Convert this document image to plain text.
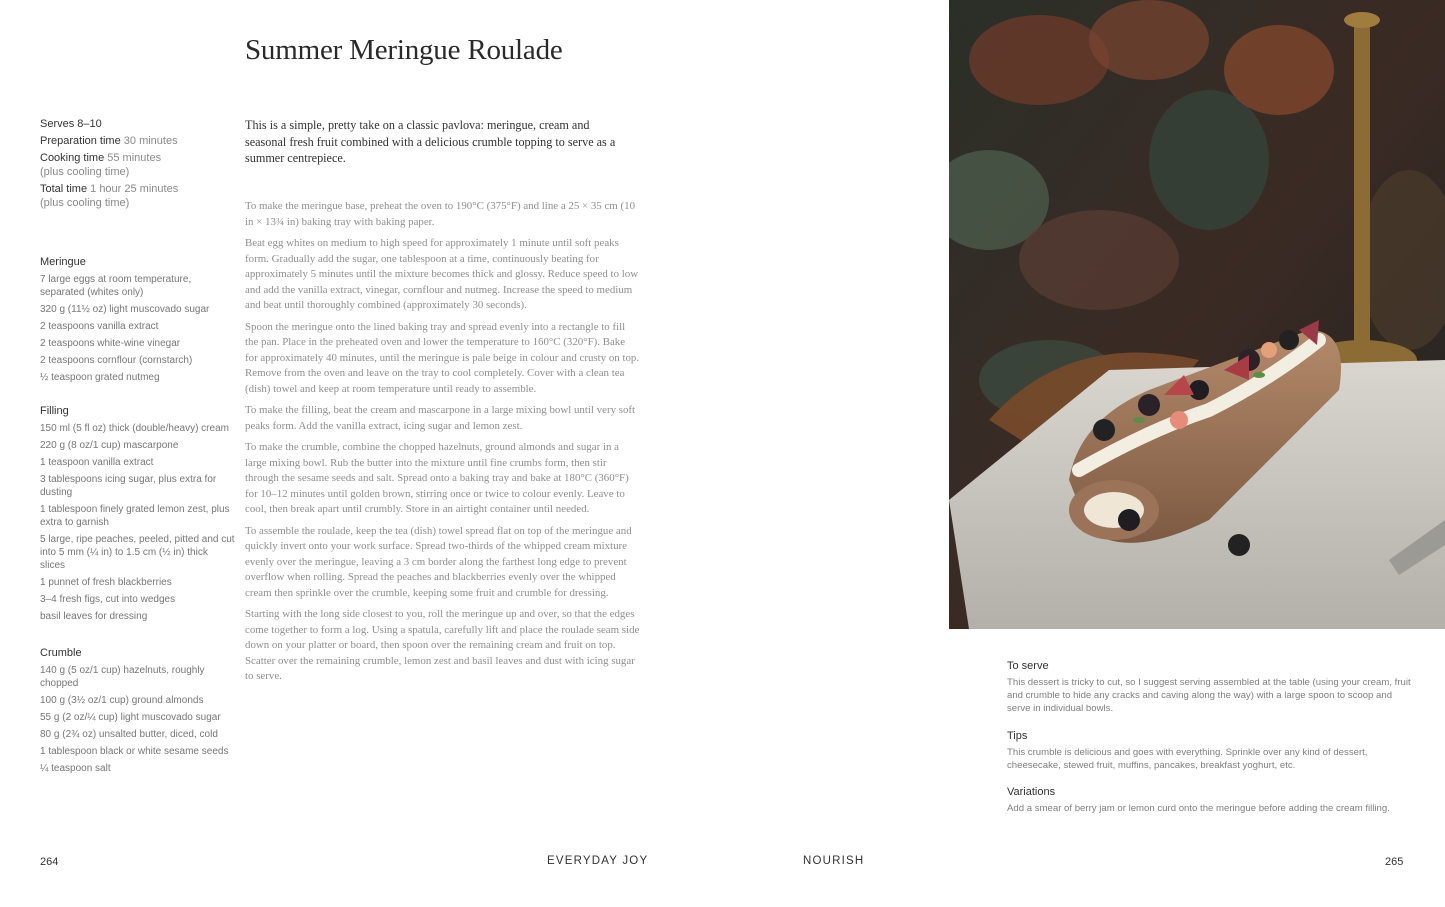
Summer Meringue Roulade
Serves 8–10
Preparation time 30 minutes
Cooking time 55 minutes
(plus cooling time)
Total time 1 hour 25 minutes
(plus cooling time)
Meringue
7 large eggs at room temperature, separated (whites only)
320 g (11½ oz) light muscovado sugar
2 teaspoons vanilla extract
2 teaspoons white-wine vinegar
2 teaspoons cornflour (cornstarch)
½ teaspoon grated nutmeg
Filling
150 ml (5 fl oz) thick (double/heavy) cream
220 g (8 oz/1 cup) mascarpone
1 teaspoon vanilla extract
3 tablespoons icing sugar, plus extra for dusting
1 tablespoon finely grated lemon zest, plus extra to garnish
5 large, ripe peaches, peeled, pitted and cut into 5 mm (¼ in) to 1.5 cm (½ in) thick slices
1 punnet of fresh blackberries
3–4 fresh figs, cut into wedges
basil leaves for dressing
Crumble
140 g (5 oz/1 cup) hazelnuts, roughly chopped
100 g (3½ oz/1 cup) ground almonds
55 g (2 oz/¼ cup) light muscovado sugar
80 g (2¾ oz) unsalted butter, diced, cold
1 tablespoon black or white sesame seeds
¼ teaspoon salt
This is a simple, pretty take on a classic pavlova: meringue, cream and seasonal fresh fruit combined with a delicious crumble topping to serve as a summer centrepiece.

To make the meringue base, preheat the oven to 190°C (375°F) and line a 25 × 35 cm (10 in × 13¾ in) baking tray with baking paper.

Beat egg whites on medium to high speed for approximately 1 minute until soft peaks form. Gradually add the sugar, one tablespoon at a time, continuously beating for approximately 5 minutes until the mixture becomes thick and glossy. Reduce speed to low and add the vanilla extract, vinegar, cornflour and nutmeg. Increase the speed to medium and beat until thoroughly combined (approximately 30 seconds).

Spoon the meringue onto the lined baking tray and spread evenly into a rectangle to fill the pan. Place in the preheated oven and lower the temperature to 160°C (320°F). Bake for approximately 40 minutes, until the meringue is pale beige in colour and crusty on top. Remove from the oven and leave on the tray to cool completely. Cover with a clean tea (dish) towel and keep at room temperature until ready to assemble.

To make the filling, beat the cream and mascarpone in a large mixing bowl until very soft peaks form. Add the vanilla extract, icing sugar and lemon zest.

To make the crumble, combine the chopped hazelnuts, ground almonds and sugar in a large mixing bowl. Rub the butter into the mixture until fine crumbs form, then stir through the sesame seeds and salt. Spread onto a baking tray and bake at 180°C (360°F) for 10–12 minutes until golden brown, stirring once or twice to colour evenly. Leave to cool, then break apart until crumbly. Store in an airtight container until needed.

To assemble the roulade, keep the tea (dish) towel spread flat on top of the meringue and quickly invert onto your work surface. Spread two-thirds of the whipped cream mixture evenly over the meringue, leaving a 3 cm border along the farthest long edge to prevent overflow when rolling. Spread the peaches and blackberries evenly over the whipped cream then sprinkle over the crumble, keeping some fruit and crumble for dressing.

Starting with the long side closest to you, roll the meringue up and over, so that the edges come together to form a log. Using a spatula, carefully lift and place the roulade seam side down on your platter or board, then spoon over the remaining cream and fruit on top. Scatter over the remaining crumble, lemon zest and basil leaves and dust with icing sugar to serve.

To serve
This dessert is tricky to cut, so I suggest serving assembled at the table (using your cream, fruit and crumble to hide any cracks and caving along the way) with a large spoon to scoop and serve in individual bowls.
Tips
This crumble is delicious and goes with everything. Sprinkle over any kind of dessert, cheesecake, stewed fruit, muffins, pancakes, breakfast yoghurt, etc.
Variations
Add a smear of berry jam or lemon curd onto the meringue before adding the cream filling.
264	EVERYDAY JOY	NOURISH	265
